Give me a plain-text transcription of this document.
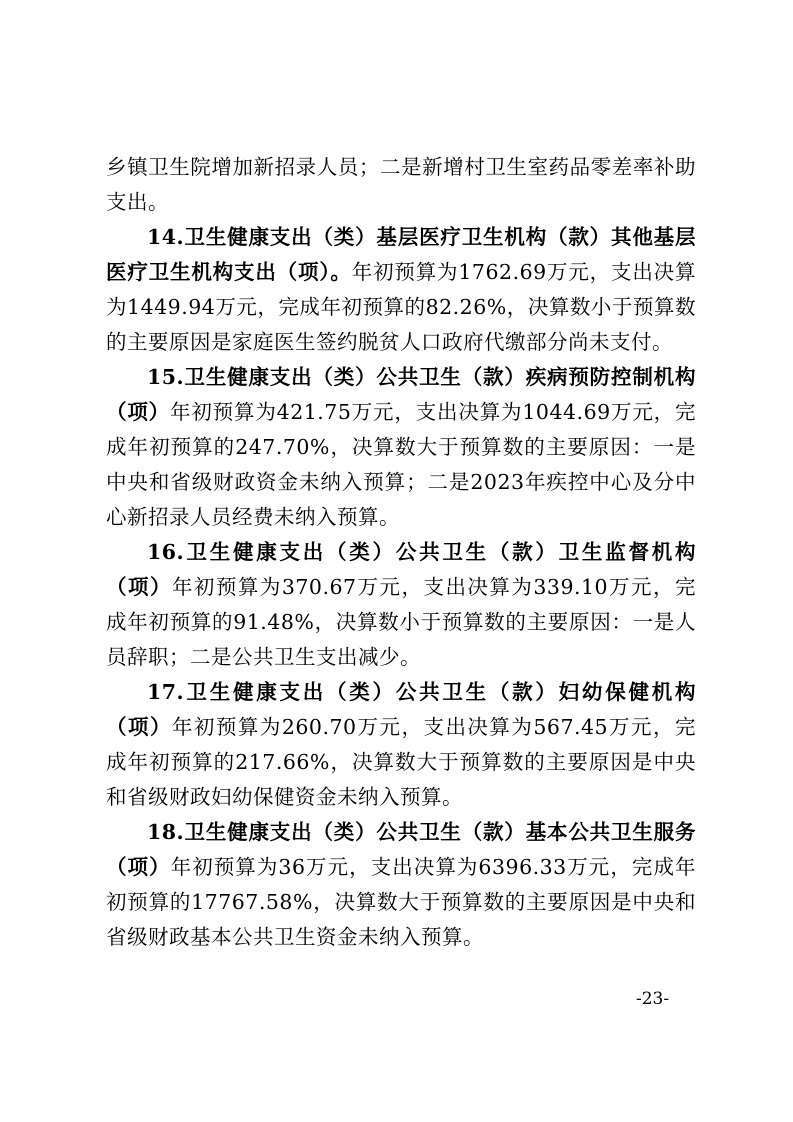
乡镇卫生院增加新招录人员；二是新增村卫生室药品零差率补助支出。

14.卫生健康支出（类）基层医疗卫生机构（款）其他基层医疗卫生机构支出（项）。年初预算为1762.69万元，支出决算为1449.94万元，完成年初预算的82.26%，决算数小于预算数的主要原因是家庭医生签约脱贫人口政府代缴部分尚未支付。

15.卫生健康支出（类）公共卫生（款）疾病预防控制机构（项）年初预算为421.75万元，支出决算为1044.69万元，完成年初预算的247.70%，决算数大于预算数的主要原因：一是中央和省级财政资金未纳入预算；二是2023年疾控中心及分中心新招录人员经费未纳入预算。

16.卫生健康支出（类）公共卫生（款）卫生监督机构（项）年初预算为370.67万元，支出决算为339.10万元，完成年初预算的91.48%，决算数小于预算数的主要原因：一是人员辞职；二是公共卫生支出减少。

17.卫生健康支出（类）公共卫生（款）妇幼保健机构（项）年初预算为260.70万元，支出决算为567.45万元，完成年初预算的217.66%，决算数大于预算数的主要原因是中央和省级财政妇幼保健资金未纳入预算。

18.卫生健康支出（类）公共卫生（款）基本公共卫生服务（项）年初预算为36万元，支出决算为6396.33万元，完成年初预算的17767.58%，决算数大于预算数的主要原因是中央和省级财政基本公共卫生资金未纳入预算。

-23-
